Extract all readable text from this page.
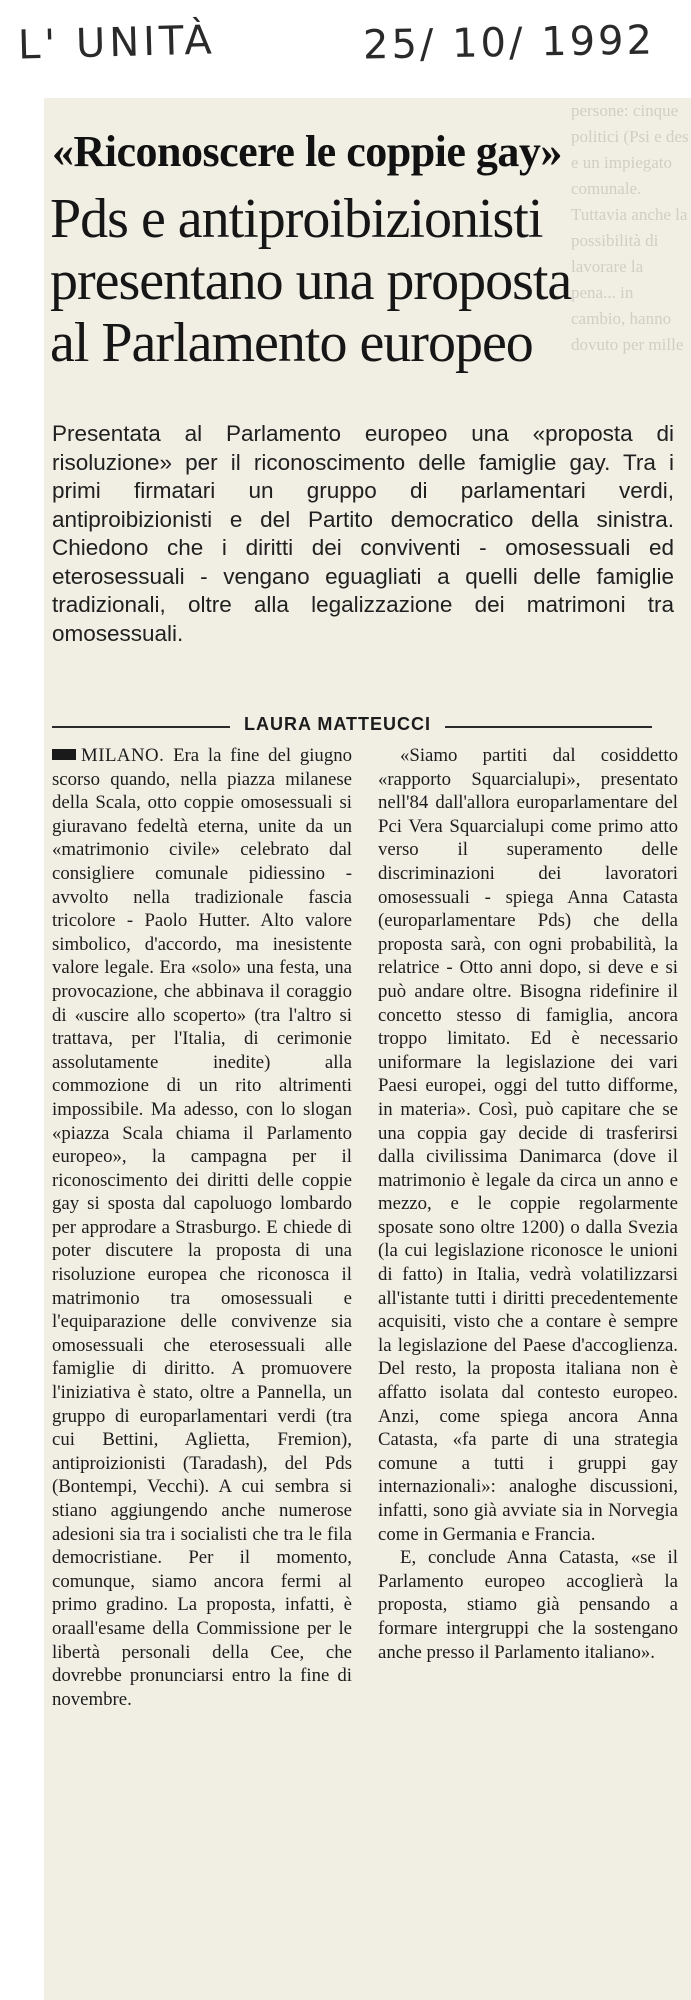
L' UNITÀ	25/ 10/ 1992
persone: cinque politici (Psi e des e un impiegato comunale. Tuttavia anche la possibilità di lavorare la pena... in cambio, hanno dovuto per mille
«Riconoscere le coppie gay»
Pds e antiproibizionisti
presentano una proposta
al Parlamento europeo
Presentata al Parlamento europeo una «proposta di risoluzione» per il riconoscimento delle famiglie gay. Tra i primi firmatari un gruppo di parlamentari verdi, antiproibizionisti e del Partito democratico della sinistra. Chiedono che i diritti dei conviventi - omosessuali ed eterosessuali - vengano eguagliati a quelli delle famiglie tradizionali, oltre alla legalizzazione dei matrimoni tra omosessuali.
LAURA MATTEUCCI

MILANO. Era la fine del giugno scorso quando, nella piazza milanese della Scala, otto coppie omosessuali si giuravano fedeltà eterna, unite da un «matrimonio civile» celebrato dal consigliere comunale pidiessino - avvolto nella tradizionale fascia tricolore - Paolo Hutter. Alto valore simbolico, d'accordo, ma inesistente valore legale. Era «solo» una festa, una provocazione, che abbinava il coraggio di «uscire allo scoperto» (tra l'altro si trattava, per l'Italia, di cerimonie assolutamente inedite) alla commozione di un rito altrimenti impossibile. Ma adesso, con lo slogan «piazza Scala chiama il Parlamento europeo», la campagna per il riconoscimento dei diritti delle coppie gay si sposta dal capoluogo lombardo per approdare a Strasburgo. E chiede di poter discutere la proposta di una risoluzione europea che riconosca il matrimonio tra omosessuali e l'equiparazione delle convivenze sia omosessuali che eterosessuali alle famiglie di diritto. A promuovere l'iniziativa è stato, oltre a Pannella, un gruppo di europarlamentari verdi (tra cui Bettini, Aglietta, Fremion), antiproizionisti (Taradash), del Pds (Bontempi, Vecchi). A cui sembra si stiano aggiungendo anche numerose adesioni sia tra i socialisti che tra le fila democristiane. Per il momento, comunque, siamo ancora fermi al primo gradino. La proposta, infatti, è oraall'esame della Commissione per le libertà personali della Cee, che dovrebbe pronunciarsi entro la fine di novembre.

«Siamo partiti dal cosiddetto «rapporto Squarcialupi», presentato nell'84 dall'allora europarlamentare del Pci Vera Squarcialupi come primo atto verso il superamento delle discriminazioni dei lavoratori omosessuali - spiega Anna Catasta (europarlamentare Pds) che della proposta sarà, con ogni probabilità, la relatrice - Otto anni dopo, si deve e si può andare oltre. Bisogna ridefinire il concetto stesso di famiglia, ancora troppo limitato. Ed è necessario uniformare la legislazione dei vari Paesi europei, oggi del tutto difforme, in materia». Così, può capitare che se una coppia gay decide di trasferirsi dalla civilissima Danimarca (dove il matrimonio è legale da circa un anno e mezzo, e le coppie regolarmente sposate sono oltre 1200) o dalla Svezia (la cui legislazione riconosce le unioni di fatto) in Italia, vedrà volatilizzarsi all'istante tutti i diritti precedentemente acquisiti, visto che a contare è sempre la legislazione del Paese d'accoglienza. Del resto, la proposta italiana non è affatto isolata dal contesto europeo. Anzi, come spiega ancora Anna Catasta, «fa parte di una strategia comune a tutti i gruppi gay internazionali»: analoghe discussioni, infatti, sono già avviate sia in Norvegia come in Germania e Francia.

E, conclude Anna Catasta, «se il Parlamento europeo accoglierà la proposta, stiamo già pensando a formare intergruppi che la sostengano anche presso il Parlamento italiano».
